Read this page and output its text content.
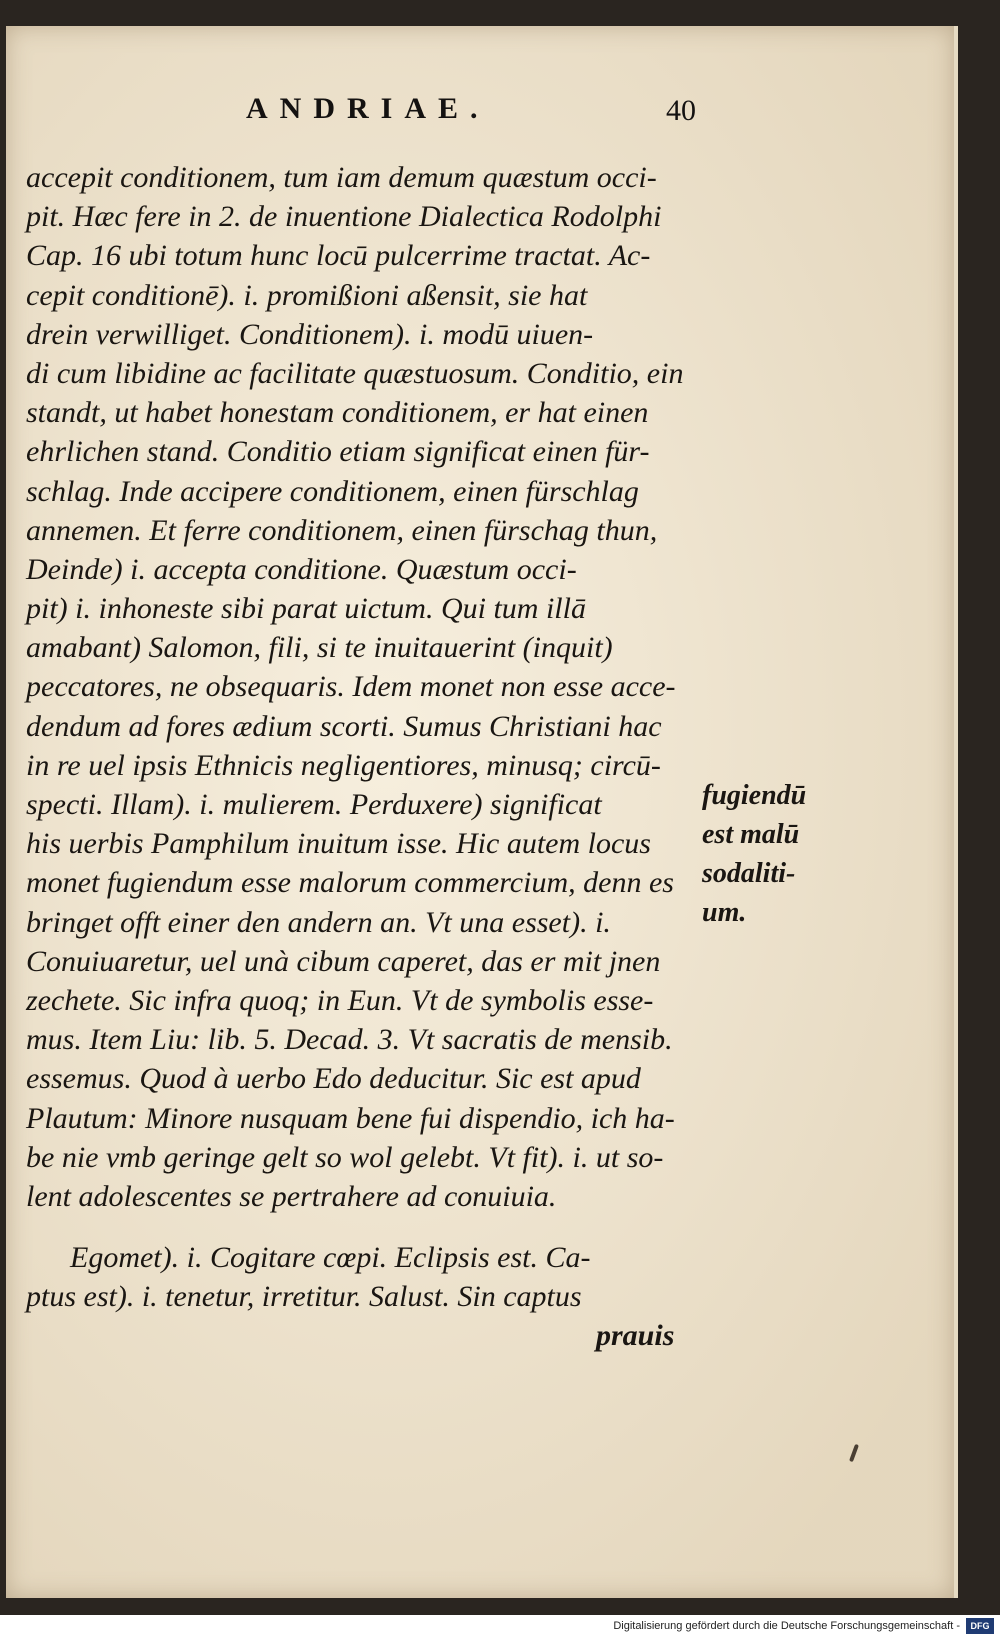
ANDRIAE.	40
accepit conditionem, tum iam demum quæstum occi-
pit. Hæc fere in 2. de inuentione Dialectica Rodolphi
Cap. 16 ubi totum hunc locū pulcerrime tractat. Ac-
cepit conditionē). i. promißioni aßensit, sie hat
drein verwilliget. Conditionem). i. modū uiuen-
di cum libidine ac facilitate quæstuosum. Conditio, ein
standt, ut habet honestam conditionem, er hat einen
ehrlichen stand. Conditio etiam significat einen für-
schlag. Inde accipere conditionem, einen fürschlag
annemen. Et ferre conditionem, einen fürschag thun,
Deinde) i. accepta conditione. Quæstum occi-
pit) i. inhoneste sibi parat uictum. Qui tum illā
amabant) Salomon, fili, si te inuitauerint (inquit)
peccatores, ne obsequaris. Idem monet non esse acce-
dendum ad fores ædium scorti. Sumus Christiani hac
in re uel ipsis Ethnicis negligentiores, minusq; circū-
specti. Illam). i. mulierem. Perduxere) significat
his uerbis Pamphilum inuitum isse. Hic autem locus
monet fugiendum esse malorum commercium, denn es
bringet offt einer den andern an. Vt una esset). i.
Conuiuaretur, uel unà cibum caperet, das er mit jnen
zechete. Sic infra quoq; in Eun. Vt de symbolis esse-
mus. Item Liu: lib. 5. Decad. 3. Vt sacratis de mensib.
essemus. Quod à uerbo Edo deducitur. Sic est apud
Plautum: Minore nusquam bene fui dispendio, ich ha-
be nie vmb geringe gelt so wol gelebt. Vt fit). i. ut so-
lent adolescentes se pertrahere ad conuiuia.
Egomet). i. Cogitare cœpi. Eclipsis est. Ca-
ptus est). i. tenetur, irretitur. Salust. Sin captus
prauis
fugiendū
est malū
sodaliti-
um.
Digitalisierung gefördert durch die Deutsche Forschungsgemeinschaft -	DFG
